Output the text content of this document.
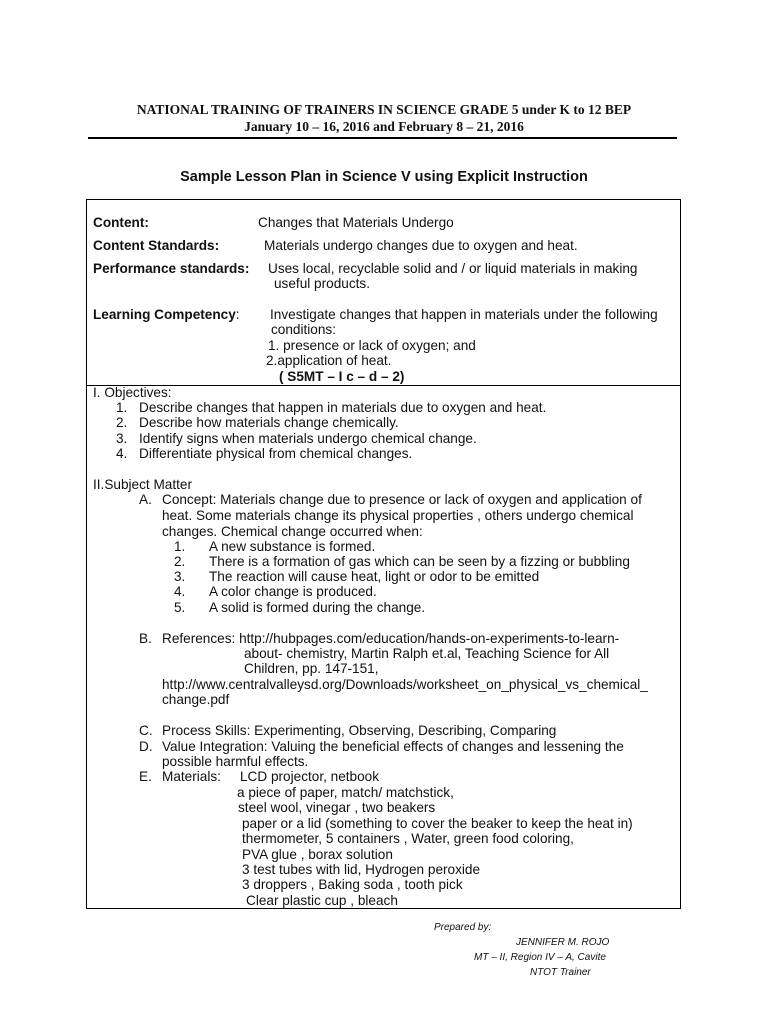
NATIONAL TRAINING OF TRAINERS IN SCIENCE GRADE 5 under K to 12 BEP
January 10 – 16, 2016 and February 8 – 21, 2016
Sample Lesson Plan in Science V using Explicit Instruction
Content:	Changes that Materials Undergo
Content Standards:	Materials undergo changes due to oxygen and heat.
Performance standards: Uses local, recyclable solid and / or liquid materials in making
useful products.
Learning Competency: Investigate changes that happen in materials under the following
conditions:
1. presence or lack of oxygen; and
2.application of heat.
( S5MT – I c – d – 2)
I. Objectives:
1. Describe changes that happen in materials due to oxygen and heat.
2. Describe how materials change chemically.
3. Identify signs when materials undergo chemical change.
4. Differentiate physical from chemical changes.
II.Subject Matter
A. Concept: Materials change due to presence or lack of oxygen and application of
heat. Some materials change its physical properties , others undergo chemical
changes. Chemical change occurred when:
1. A new substance is formed.
2. There is a formation of gas which can be seen by a fizzing or bubbling
3. The reaction will cause heat, light or odor to be emitted
4. A color change is produced.
5. A solid is formed during the change.
B. References: http://hubpages.com/education/hands-on-experiments-to-learn-
about- chemistry, Martin Ralph et.al, Teaching Science for All
Children, pp. 147-151,
http://www.centralvalleysd.org/Downloads/worksheet_on_physical_vs_chemical_
change.pdf
C. Process Skills: Experimenting, Observing, Describing, Comparing
D. Value Integration: Valuing the beneficial effects of changes and lessening the
possible harmful effects.
E. Materials: LCD projector, netbook
a piece of paper, match/ matchstick,
steel wool, vinegar , two beakers
paper or a lid (something to cover the beaker to keep the heat in)
thermometer, 5 containers , Water, green food coloring,
PVA glue , borax solution
3 test tubes with lid, Hydrogen peroxide
3 droppers , Baking soda , tooth pick
Clear plastic cup , bleach
Prepared by:
JENNIFER M. ROJO
MT – II, Region IV – A, Cavite
NTOT Trainer
